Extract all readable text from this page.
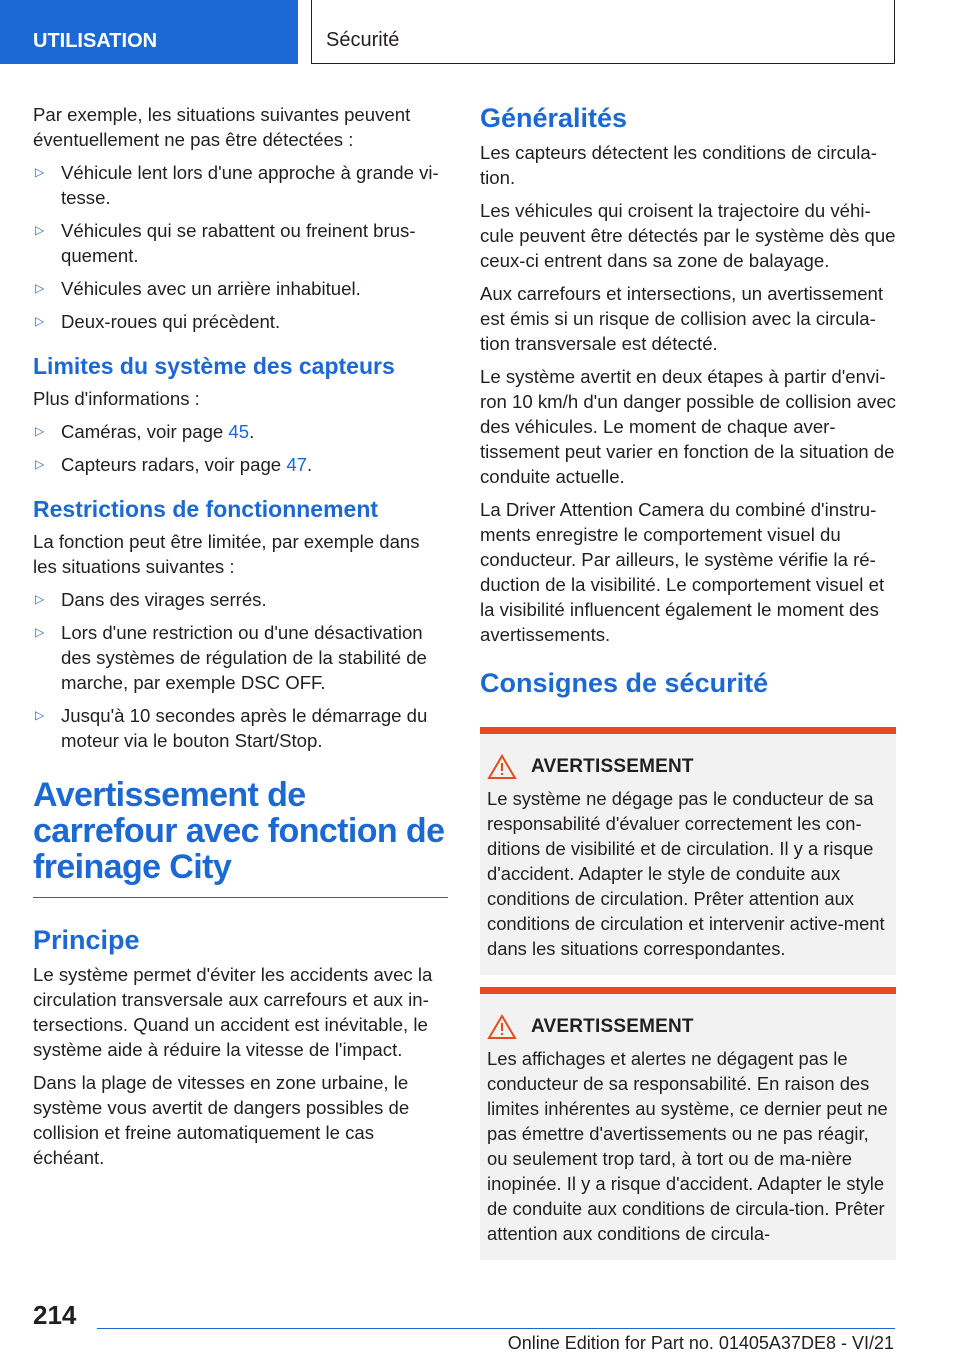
UTILISATION	Sécurité

Par exemple, les situations suivantes peuvent éventuellement ne pas être détectées :

▷ Véhicule lent lors d'une approche à grande vi-tesse.
▷ Véhicules qui se rabattent ou freinent brus-quement.
▷ Véhicules avec un arrière inhabituel.
▷ Deux-roues qui précèdent.
Limites du système des capteurs

Plus d'informations :

▷ Caméras, voir page 45.
▷ Capteurs radars, voir page 47.
Restrictions de fonctionnement

La fonction peut être limitée, par exemple dans les situations suivantes :

▷ Dans des virages serrés.
▷ Lors d'une restriction ou d'une désactivation des systèmes de régulation de la stabilité de marche, par exemple DSC OFF.
▷ Jusqu'à 10 secondes après le démarrage du moteur via le bouton Start/Stop.
Avertissement de carrefour avec fonction de freinage City
Principe

Le système permet d'éviter les accidents avec la circulation transversale aux carrefours et aux in-tersections. Quand un accident est inévitable, le système aide à réduire la vitesse de l'impact.

Dans la plage de vitesses en zone urbaine, le système vous avertit de dangers possibles de collision et freine automatiquement le cas échéant.

Généralités

Les capteurs détectent les conditions de circula-tion.

Les véhicules qui croisent la trajectoire du véhi-cule peuvent être détectés par le système dès que ceux-ci entrent dans sa zone de balayage.

Aux carrefours et intersections, un avertissement est émis si un risque de collision avec la circula-tion transversale est détecté.

Le système avertit en deux étapes à partir d'envi-ron 10 km/h d'un danger possible de collision avec des véhicules. Le moment de chaque aver-tissement peut varier en fonction de la situation de conduite actuelle.

La Driver Attention Camera du combiné d'instru-ments enregistre le comportement visuel du conducteur. Par ailleurs, le système vérifie la ré-duction de la visibilité. Le comportement visuel et la visibilité influencent également le moment des avertissements.

Consignes de sécurité
AVERTISSEMENT

Le système ne dégage pas le conducteur de sa responsabilité d'évaluer correctement les con-ditions de visibilité et de circulation. Il y a risque d'accident. Adapter le style de conduite aux conditions de circulation. Prêter attention aux conditions de circulation et intervenir active-ment dans les situations correspondantes.

AVERTISSEMENT

Les affichages et alertes ne dégagent pas le conducteur de sa responsabilité. En raison des limites inhérentes au système, ce dernier peut ne pas émettre d'avertissements ou ne pas réagir, ou seulement trop tard, à tort ou de ma-nière inopinée. Il y a risque d'accident. Adapter le style de conduite aux conditions de circula-tion. Prêter attention aux conditions de circula-

214
Online Edition for Part no. 01405A37DE8 - VI/21
